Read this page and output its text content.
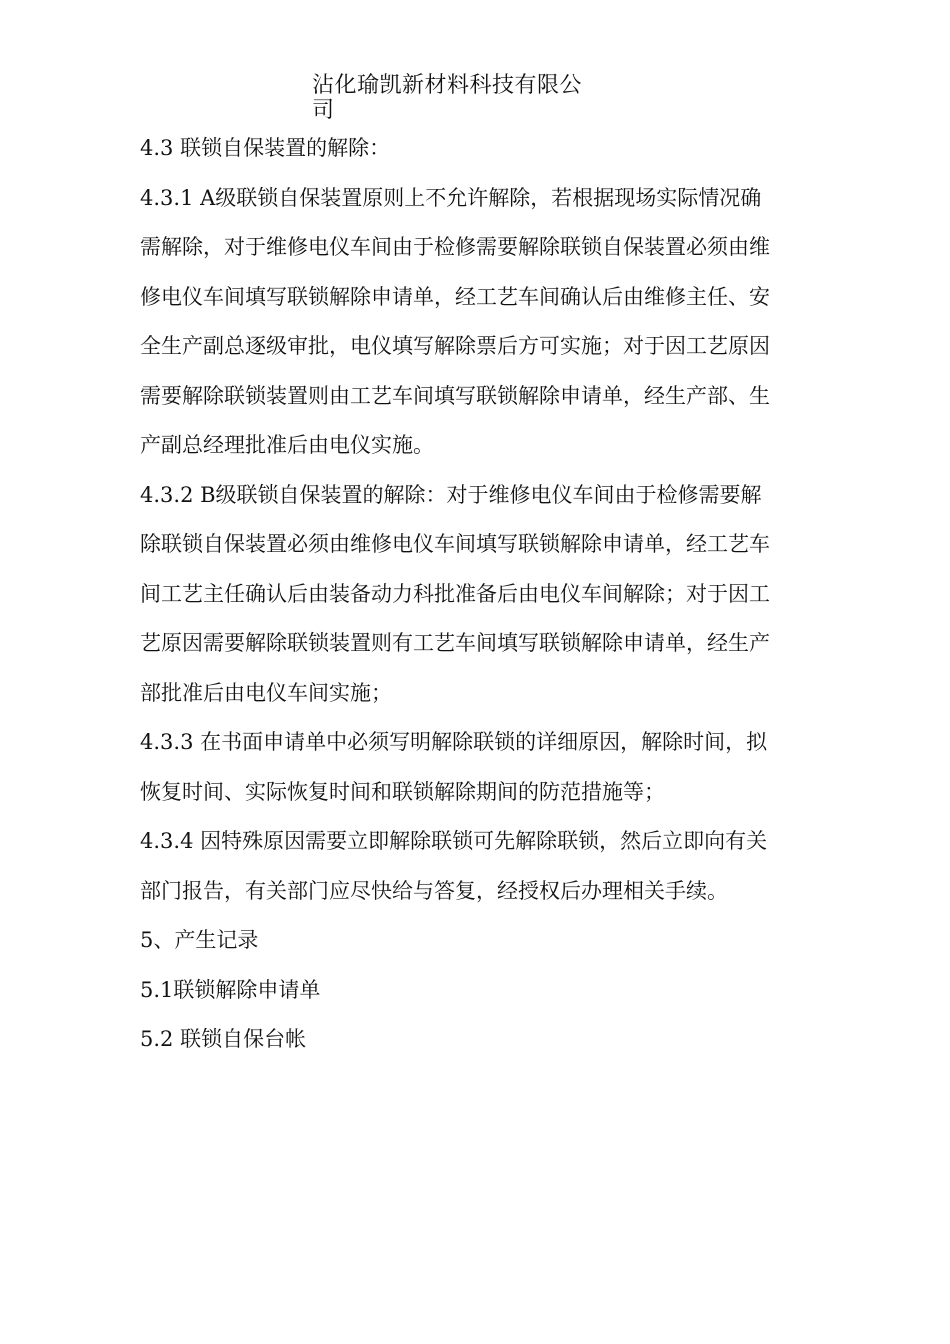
沾化瑜凯新材料科技有限公
司

4.3 联锁自保装置的解除：

4.3.1 A级联锁自保装置原则上不允许解除，若根据现场实际情况确

需解除，对于维修电仪车间由于检修需要解除联锁自保装置必须由维

修电仪车间填写联锁解除申请单，经工艺车间确认后由维修主任、安

全生产副总逐级审批，电仪填写解除票后方可实施；对于因工艺原因

需要解除联锁装置则由工艺车间填写联锁解除申请单，经生产部、生

产副总经理批准后由电仪实施。

4.3.2 B级联锁自保装置的解除：对于维修电仪车间由于检修需要解

除联锁自保装置必须由维修电仪车间填写联锁解除申请单，经工艺车

间工艺主任确认后由装备动力科批准备后由电仪车间解除；对于因工

艺原因需要解除联锁装置则有工艺车间填写联锁解除申请单，经生产

部批准后由电仪车间实施；

4.3.3 在书面申请单中必须写明解除联锁的详细原因，解除时间，拟

恢复时间、实际恢复时间和联锁解除期间的防范措施等；

4.3.4 因特殊原因需要立即解除联锁可先解除联锁，然后立即向有关

部门报告，有关部门应尽快给与答复，经授权后办理相关手续。

5、产生记录

5.1联锁解除申请单

5.2 联锁自保台帐
